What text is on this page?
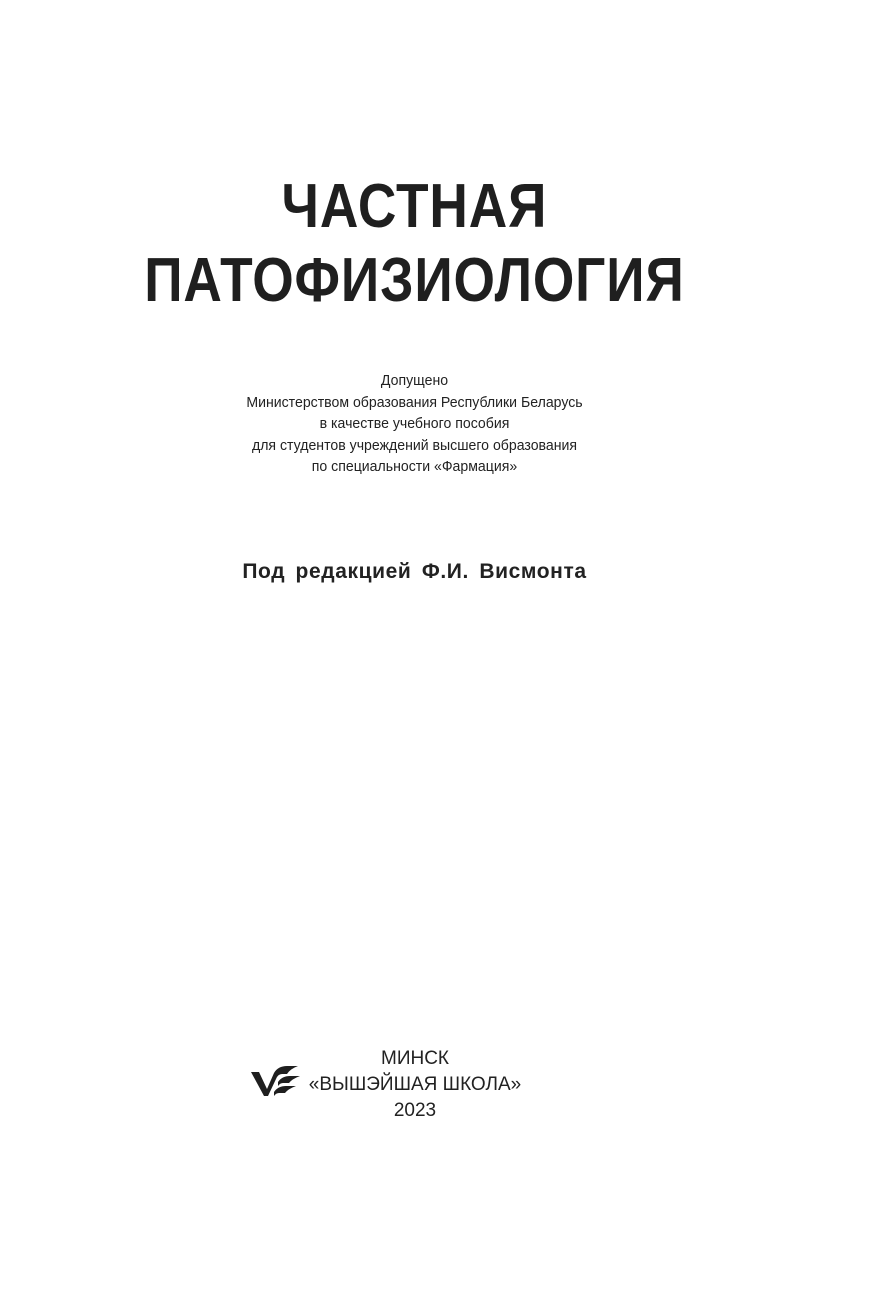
ЧАСТНАЯ
ПАТОФИЗИОЛОГИЯ
Допущено
Министерством образования Республики Беларусь
в качестве учебного пособия
для студентов учреждений высшего образования
по специальности «Фармация»
Под редакцией Ф.И. Висмонта
МИНСК
«ВЫШЭЙШАЯ ШКОЛА»
2023
